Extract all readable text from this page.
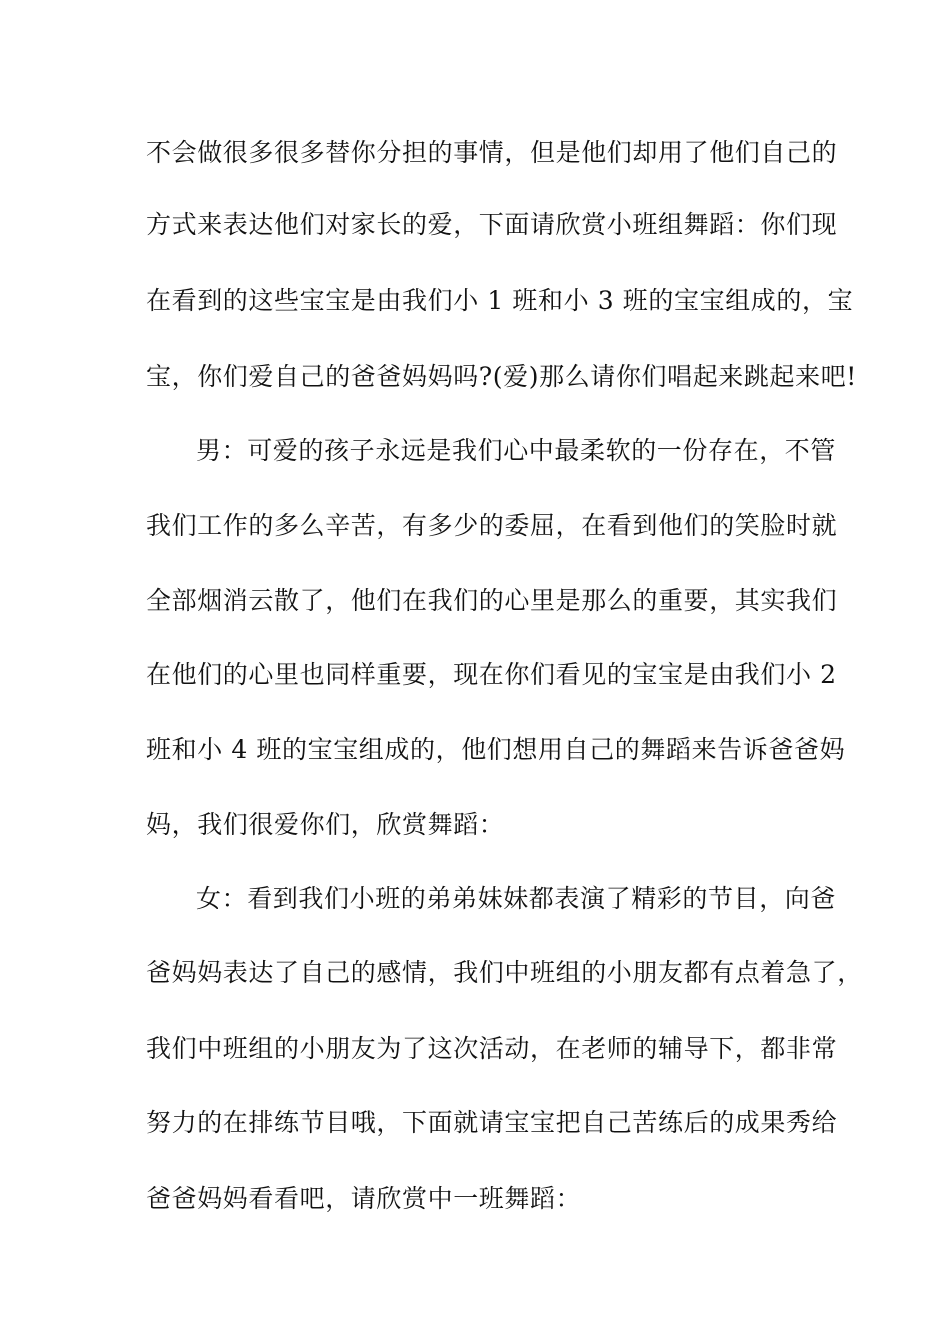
不会做很多很多替你分担的事情，但是他们却用了他们自己的
方式来表达他们对家长的爱，下面请欣赏小班组舞蹈：你们现
在看到的这些宝宝是由我们小 1 班和小 3 班的宝宝组成的，宝
宝，你们爱自己的爸爸妈妈吗?(爱)那么请你们唱起来跳起来吧!
男：可爱的孩子永远是我们心中最柔软的一份存在，不管
我们工作的多么辛苦，有多少的委屈，在看到他们的笑脸时就
全部烟消云散了，他们在我们的心里是那么的重要，其实我们
在他们的心里也同样重要，现在你们看见的宝宝是由我们小 2
班和小 4 班的宝宝组成的，他们想用自己的舞蹈来告诉爸爸妈
妈，我们很爱你们，欣赏舞蹈：
女：看到我们小班的弟弟妹妹都表演了精彩的节目，向爸
爸妈妈表达了自己的感情，我们中班组的小朋友都有点着急了，
我们中班组的小朋友为了这次活动，在老师的辅导下，都非常
努力的在排练节目哦，下面就请宝宝把自己苦练后的成果秀给
爸爸妈妈看看吧，请欣赏中一班舞蹈：
